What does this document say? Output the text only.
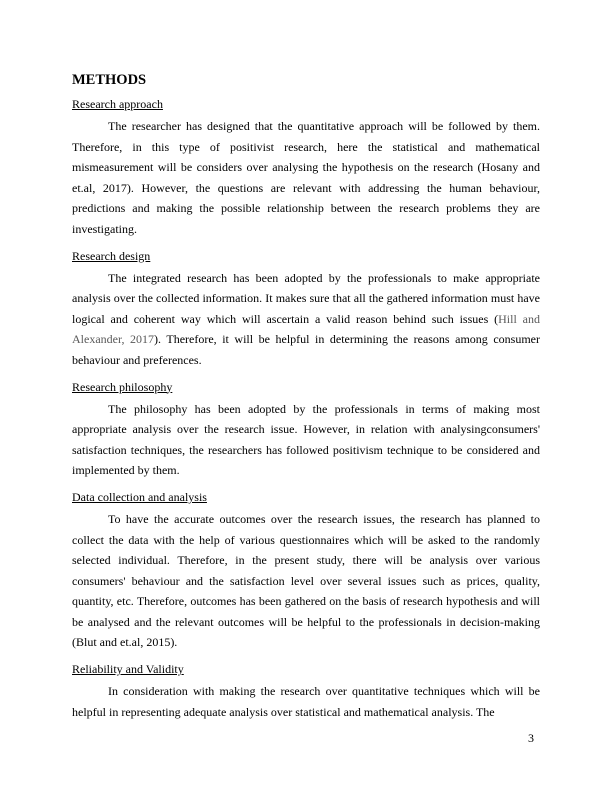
METHODS
Research approach

The researcher has designed that the quantitative approach will be followed by them. Therefore, in this type of positivist research, here the statistical and mathematical mismeasurement will be considers over analysing the hypothesis on the research (Hosany and et.al, 2017). However, the questions are relevant with addressing the human behaviour, predictions and making the possible relationship between the research problems they are investigating.

Research design

The integrated research has been adopted by the professionals to make appropriate analysis over the collected information. It makes sure that all the gathered information must have logical and coherent way which will ascertain a valid reason behind such issues (Hill and Alexander, 2017). Therefore, it will be helpful in determining the reasons among consumer behaviour and preferences.

Research philosophy

The philosophy has been adopted by the professionals in terms of making most appropriate analysis over the research issue. However, in relation with analysingconsumers' satisfaction techniques, the researchers has followed positivism technique to be considered and implemented by them.

Data collection and analysis

To have the accurate outcomes over the research issues, the research has planned to collect the data with the help of various questionnaires which will be asked to the randomly selected individual. Therefore, in the present study, there will be analysis over various consumers' behaviour and the satisfaction level over several issues such as prices, quality, quantity, etc. Therefore, outcomes has been gathered on the basis of research hypothesis and will be analysed and the relevant outcomes will be helpful to the professionals in decision-making (Blut and et.al, 2015).

Reliability and Validity

In consideration with making the research over quantitative techniques which will be helpful in representing adequate analysis over statistical and mathematical analysis. The

3
